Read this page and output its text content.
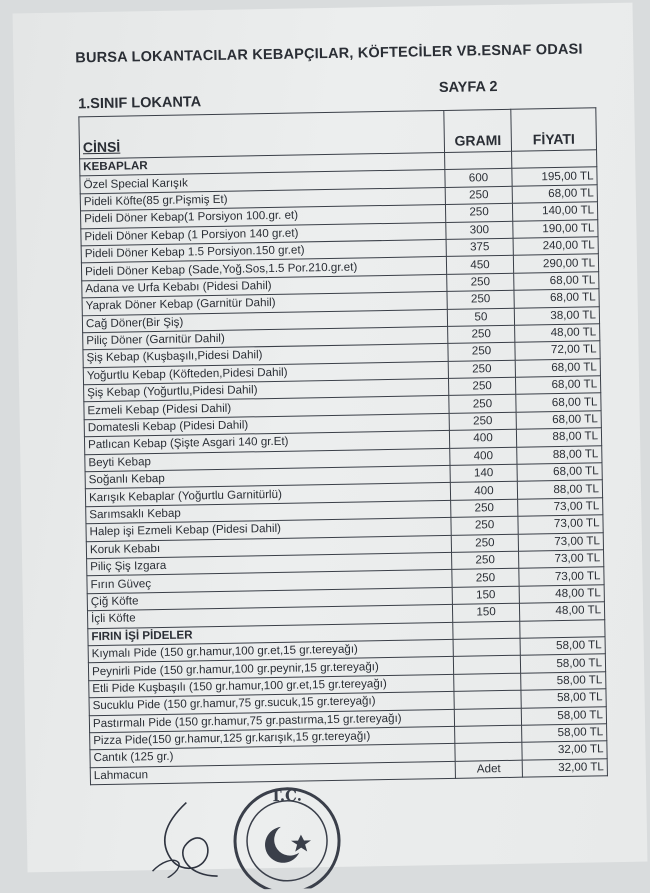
BURSA LOKANTACILAR KEBAPÇILAR, KÖFTECİLER VB.ESNAF ODASI
1.SINIF LOKANTA
SAYFA 2
CİNSİ	GRAMI	FİYATI
KEBAPLAR		
Özel Special Karışık	600	195,00 TL
Pideli Köfte(85 gr.Pişmiş Et)	250	68,00 TL
Pideli Döner Kebap(1 Porsiyon 100.gr. et)	250	140,00 TL
Pideli Döner Kebap (1 Porsiyon 140 gr.et)	300	190,00 TL
Pideli Döner Kebap 1.5 Porsiyon.150 gr.et)	375	240,00 TL
Pideli Döner Kebap (Sade,Yoğ.Sos,1.5 Por.210.gr.et)	450	290,00 TL
Adana ve Urfa Kebabı (Pidesi Dahil)	250	68,00 TL
Yaprak Döner Kebap (Garnitür Dahil)	250	68,00 TL
Cağ Döner(Bir Şiş)	50	38,00 TL
Piliç Döner (Garnitür Dahil)	250	48,00 TL
Şiş Kebap (Kuşbaşılı,Pidesi Dahil)	250	72,00 TL
Yoğurtlu Kebap (Köfteden,Pidesi Dahil)	250	68,00 TL
Şiş Kebap (Yoğurtlu,Pidesi Dahil)	250	68,00 TL
Ezmeli Kebap (Pidesi Dahil)	250	68,00 TL
Domatesli Kebap (Pidesi Dahil)	250	68,00 TL
Patlıcan Kebap (Şişte Asgari 140 gr.Et)	400	88,00 TL
Beyti Kebap	400	88,00 TL
Soğanlı Kebap	140	68,00 TL
Karışık Kebaplar (Yoğurtlu Garnitürlü)	400	88,00 TL
Sarımsaklı Kebap	250	73,00 TL
Halep işi Ezmeli Kebap (Pidesi Dahil)	250	73,00 TL
Koruk Kebabı	250	73,00 TL
Piliç Şiş Izgara	250	73,00 TL
Fırın Güveç	250	73,00 TL
Çiğ Köfte	150	48,00 TL
İçli Köfte	150	48,00 TL
FIRIN İŞİ PİDELER		
Kıymalı Pide (150 gr.hamur,100 gr.et,15 gr.tereyağı)		58,00 TL
Peynirli Pide (150 gr.hamur,100 gr.peynir,15 gr.tereyağı)		58,00 TL
Etli Pide Kuşbaşılı (150 gr.hamur,100 gr.et,15 gr.tereyağı)		58,00 TL
Sucuklu Pide (150 gr.hamur,75 gr.sucuk,15 gr.tereyağı)		58,00 TL
Pastırmalı Pide (150 gr.hamur,75 gr.pastırma,15 gr.tereyağı)		58,00 TL
Pizza Pide(150 gr.hamur,125 gr.karışık,15 gr.tereyağı)		58,00 TL
Cantık (125 gr.)		32,00 TL
Lahmacun	Adet	32,00 TL
T.C.
